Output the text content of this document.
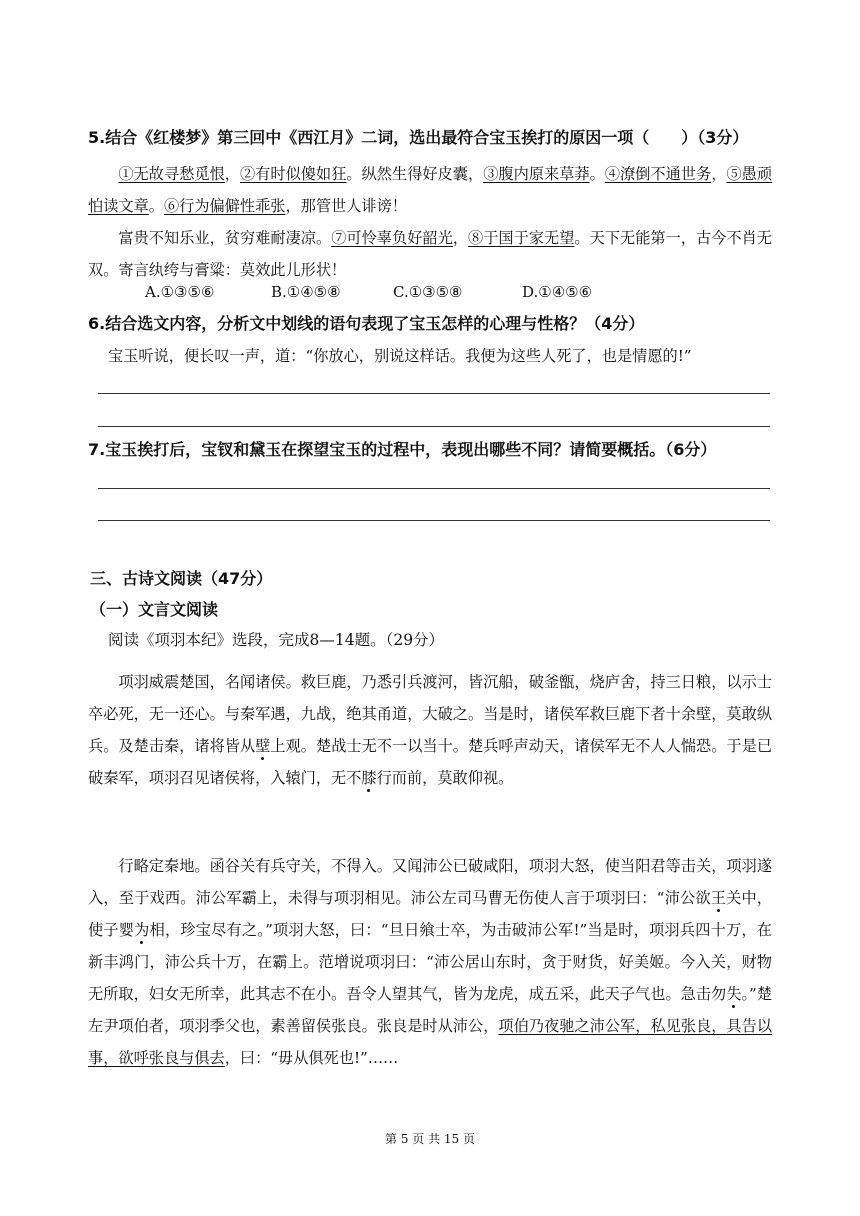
5.结合《红楼梦》第三回中《西江月》二词，选出最符合宝玉挨打的原因一项（　　）（3分）
①无故寻愁觅恨，②有时似傻如狂。纵然生得好皮囊，③腹内原来草莽。④潦倒不通世务，⑤愚顽怕读文章。⑥行为偏僻性乖张，那管世人诽谤！
富贵不知乐业，贫穷难耐凄凉。⑦可怜辜负好韶光，⑧于国于家无望。天下无能第一，古今不肖无双。寄言纨绔与膏粱：莫效此儿形状！
A.①③⑤⑥	B.①④⑤⑧	C.①③⑤⑧	D.①④⑤⑥
6.结合选文内容，分析文中划线的语句表现了宝玉怎样的心理与性格？（4分）
宝玉听说，便长叹一声，道：“你放心，别说这样话。我便为这些人死了，也是情愿的!”
7.宝玉挨打后，宝钗和黛玉在探望宝玉的过程中，表现出哪些不同？请简要概括。（6分）
三、古诗文阅读（47分）
（一）文言文阅读
阅读《项羽本纪》选段，完成8—14题。（29分）
项羽威震楚国，名闻诸侯。救巨鹿，乃悉引兵渡河，皆沉船，破釜甑，烧庐舍，持三日粮，以示士卒必死，无一还心。与秦军遇，九战，绝其甬道，大破之。当是时，诸侯军救巨鹿下者十余壁，莫敢纵兵。及楚击秦，诸将皆从壁上观。楚战士无不一以当十。楚兵呼声动天，诸侯军无不人人惴恐。于是已破秦军，项羽召见诸侯将，入辕门，无不膝行而前，莫敢仰视。
行略定秦地。函谷关有兵守关，不得入。又闻沛公已破咸阳，项羽大怒，使当阳君等击关，项羽遂入，至于戏西。沛公军霸上，未得与项羽相见。沛公左司马曹无伤使人言于项羽曰：“沛公欲王关中，使子婴为相，珍宝尽有之。”项羽大怒，曰：“旦日飨士卒，为击破沛公军!”当是时，项羽兵四十万，在新丰鸿门，沛公兵十万，在霸上。范增说项羽曰：“沛公居山东时，贪于财货，好美姬。今入关，财物无所取，妇女无所幸，此其志不在小。吾令人望其气，皆为龙虎，成五采，此天子气也。急击勿失。”楚左尹项伯者，项羽季父也，素善留侯张良。张良是时从沛公，项伯乃夜驰之沛公军，私见张良，具告以事，欲呼张良与俱去，曰：“毋从俱死也!”……
第 5 页 共 15 页
